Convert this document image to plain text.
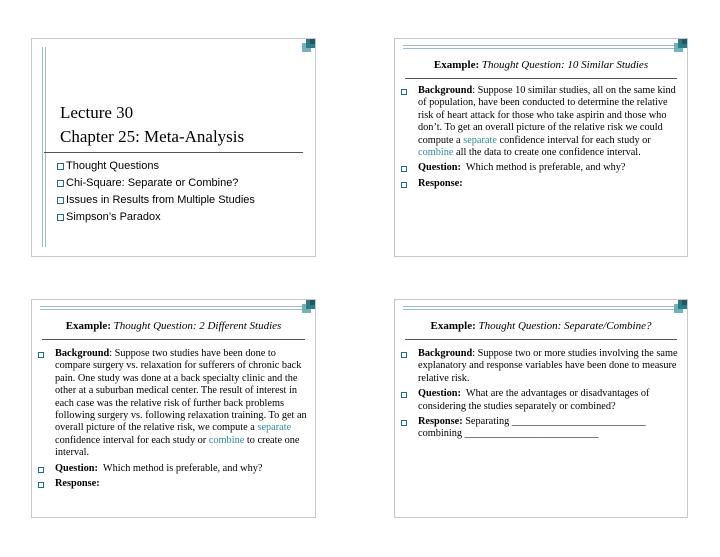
Lecture 30
Chapter 25: Meta-Analysis
Thought Questions
Chi-Square: Separate or Combine?
Issues in Results from Multiple Studies
Simpson’s Paradox
Example: Thought Question: 10 Similar Studies
Background: Suppose 10 similar studies, all on the same kind of population, have been conducted to determine the relative risk of heart attack for those who take aspirin and those who don’t. To get an overall picture of the relative risk we could compute a separate confidence interval for each study or combine all the data to create one confidence interval.
Question: Which method is preferable, and why?
Response:
Example: Thought Question: 2 Different Studies
Background: Suppose two studies have been done to compare surgery vs. relaxation for sufferers of chronic back pain. One study was done at a back specialty clinic and the other at a suburban medical center. The result of interest in each case was the relative risk of further back problems following surgery vs. following relaxation training. To get an overall picture of the relative risk, we compute a separate confidence interval for each study or combine to create one interval.
Question: Which method is preferable, and why?
Response:
Example: Thought Question: Separate/Combine?
Background: Suppose two or more studies involving the same explanatory and response variables have been done to measure relative risk.
Question: What are the advantages or disadvantages of considering the studies separately or combined?
Response: Separating __________________________
combining __________________________
